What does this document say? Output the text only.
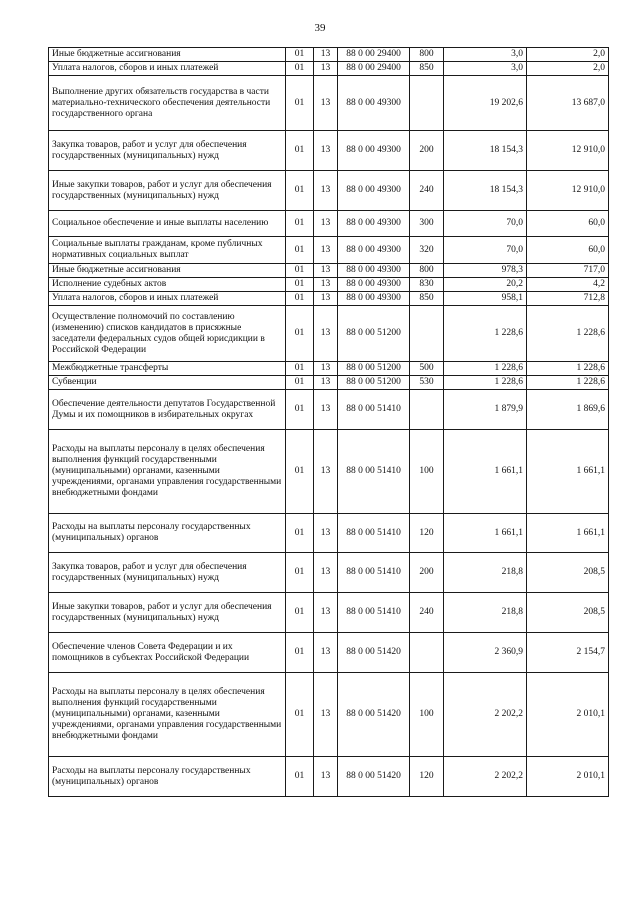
39
Иные бюджетные ассигнования	01	13	88 0 00 29400	800	3,0	2,0
Уплата налогов, сборов и иных платежей	01	13	88 0 00 29400	850	3,0	2,0
Выполнение других обязательств государства в части материально-технического обеспечения деятельности государственного органа	01	13	88 0 00 49300		19 202,6	13 687,0
Закупка товаров, работ и услуг для обеспечения государственных (муниципальных) нужд	01	13	88 0 00 49300	200	18 154,3	12 910,0
Иные закупки товаров, работ и услуг для обеспечения государственных (муниципальных) нужд	01	13	88 0 00 49300	240	18 154,3	12 910,0
Социальное обеспечение и иные выплаты населению	01	13	88 0 00 49300	300	70,0	60,0
Социальные выплаты гражданам, кроме публичных нормативных социальных выплат	01	13	88 0 00 49300	320	70,0	60,0
Иные бюджетные ассигнования	01	13	88 0 00 49300	800	978,3	717,0
Исполнение судебных актов	01	13	88 0 00 49300	830	20,2	4,2
Уплата налогов, сборов и иных платежей	01	13	88 0 00 49300	850	958,1	712,8
Осуществление полномочий по составлению (изменению) списков кандидатов в присяжные заседатели федеральных судов общей юрисдикции в Российской Федерации	01	13	88 0 00 51200		1 228,6	1 228,6
Межбюджетные трансферты	01	13	88 0 00 51200	500	1 228,6	1 228,6
Субвенции	01	13	88 0 00 51200	530	1 228,6	1 228,6
Обеспечение деятельности депутатов Государственной Думы и их помощников в избирательных округах	01	13	88 0 00 51410		1 879,9	1 869,6
Расходы на выплаты персоналу в целях обеспечения выполнения функций государственными (муниципальными) органами, казенными учреждениями, органами управления государственными внебюджетными фондами	01	13	88 0 00 51410	100	1 661,1	1 661,1
Расходы на выплаты персоналу государственных (муниципальных) органов	01	13	88 0 00 51410	120	1 661,1	1 661,1
Закупка товаров, работ и услуг для обеспечения государственных (муниципальных) нужд	01	13	88 0 00 51410	200	218,8	208,5
Иные закупки товаров, работ и услуг для обеспечения государственных (муниципальных) нужд	01	13	88 0 00 51410	240	218,8	208,5
Обеспечение членов Совета Федерации и их помощников в субъектах Российской Федерации	01	13	88 0 00 51420		2 360,9	2 154,7
Расходы на выплаты персоналу в целях обеспечения выполнения функций государственными (муниципальными) органами, казенными учреждениями, органами управления государственными внебюджетными фондами	01	13	88 0 00 51420	100	2 202,2	2 010,1
Расходы на выплаты персоналу государственных (муниципальных) органов	01	13	88 0 00 51420	120	2 202,2	2 010,1
